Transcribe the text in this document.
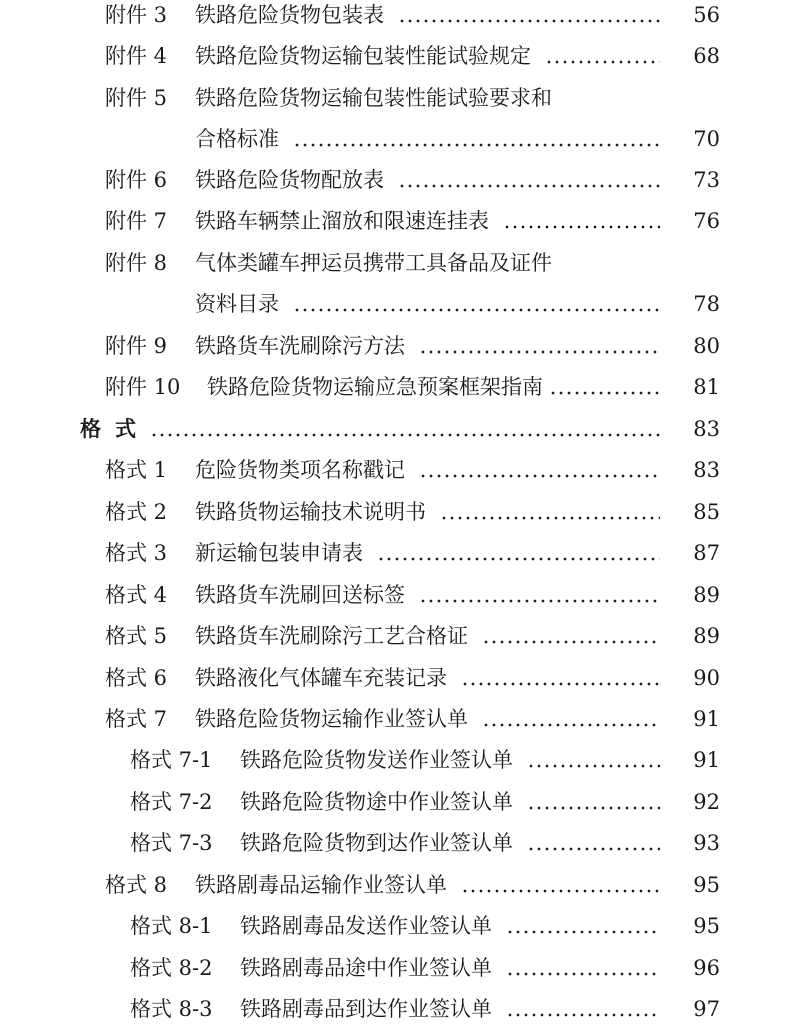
附件 3 铁路危险货物包装表	56
附件 4 铁路危险货物运输包装性能试验规定	68
附件 5 铁路危险货物运输包装性能试验要求和
合格标准	70
附件 6 铁路危险货物配放表	73
附件 7 铁路车辆禁止溜放和限速连挂表	76
附件 8 气体类罐车押运员携带工具备品及证件
资料目录	78
附件 9 铁路货车洗刷除污方法	80
附件 10 铁路危险货物运输应急预案框架指南	81
格式	83
格式 1 危险货物类项名称戳记	83
格式 2 铁路货物运输技术说明书	85
格式 3 新运输包装申请表	87
格式 4 铁路货车洗刷回送标签	89
格式 5 铁路货车洗刷除污工艺合格证	89
格式 6 铁路液化气体罐车充装记录	90
格式 7 铁路危险货物运输作业签认单	91
格式 7-1 铁路危险货物发送作业签认单	91
格式 7-2 铁路危险货物途中作业签认单	92
格式 7-3 铁路危险货物到达作业签认单	93
格式 8 铁路剧毒品运输作业签认单	95
格式 8-1 铁路剧毒品发送作业签认单	95
格式 8-2 铁路剧毒品途中作业签认单	96
格式 8-3 铁路剧毒品到达作业签认单	97
